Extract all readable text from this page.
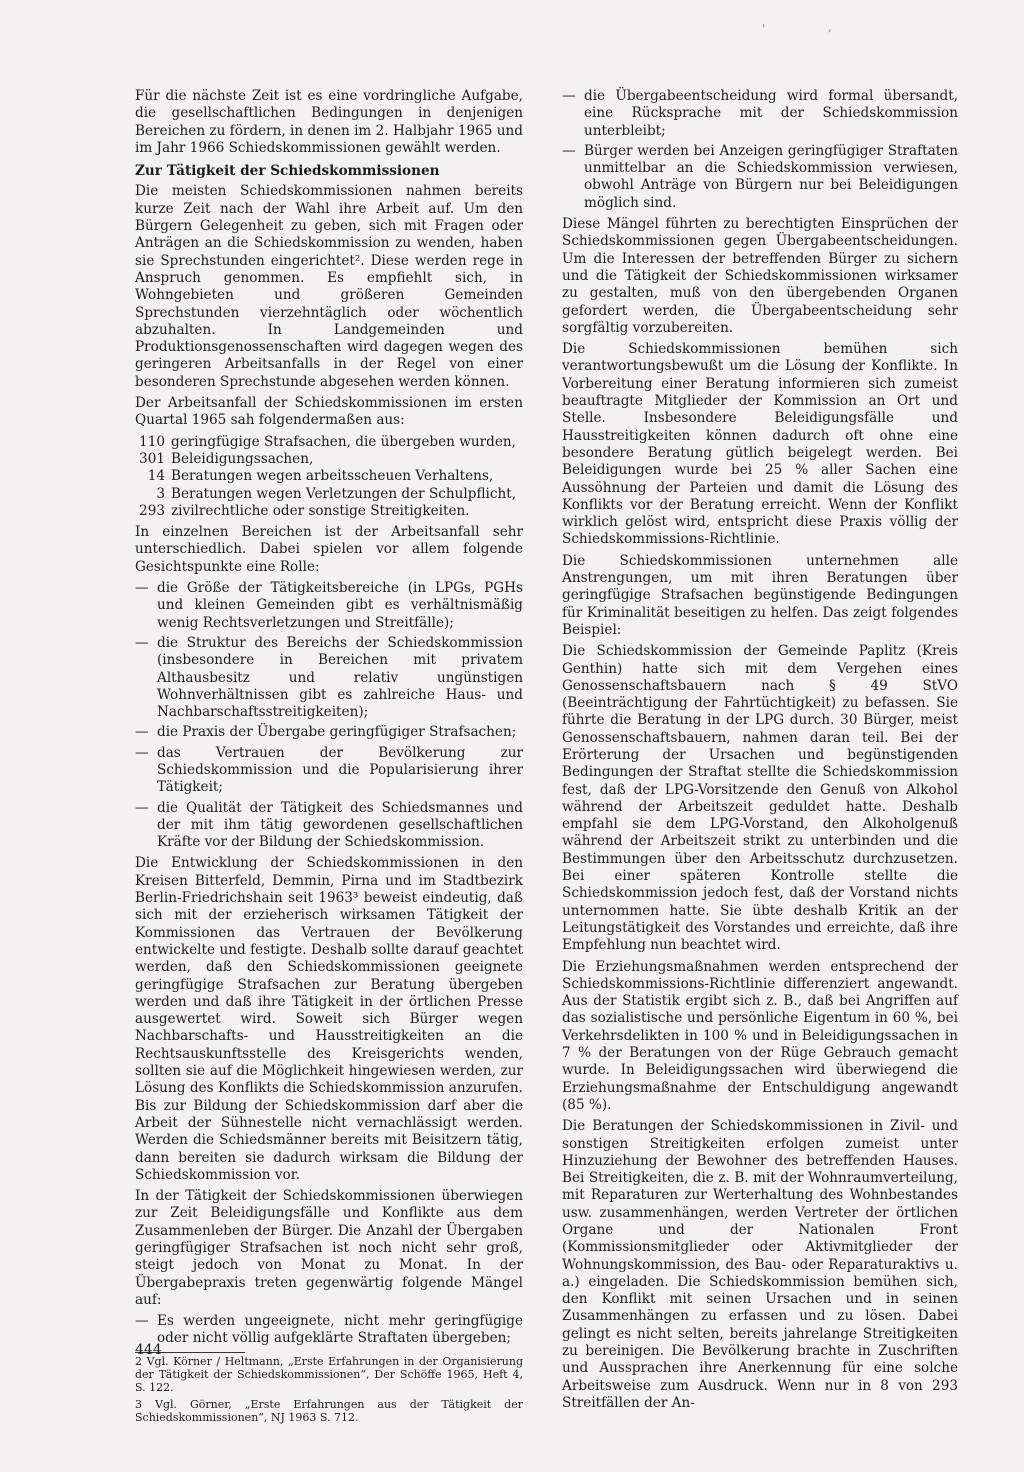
'	,

Für die nächste Zeit ist es eine vordringliche Aufgabe, die gesellschaftlichen Bedingungen in denjenigen Bereichen zu fördern, in denen im 2. Halbjahr 1965 und im Jahr 1966 Schiedskommissionen gewählt werden.

Zur Tätigkeit der Schiedskommissionen

Die meisten Schiedskommissionen nahmen bereits kurze Zeit nach der Wahl ihre Arbeit auf. Um den Bürgern Gelegenheit zu geben, sich mit Fragen oder Anträgen an die Schiedskommission zu wenden, haben sie Sprechstunden eingerichtet². Diese werden rege in Anspruch genommen. Es empfiehlt sich, in Wohngebieten und größeren Gemeinden Sprechstunden vierzehntäglich oder wöchentlich abzuhalten. In Landgemeinden und Produktionsgenossenschaften wird dagegen wegen des geringeren Arbeitsanfalls in der Regel von einer besonderen Sprechstunde abgesehen werden können.

Der Arbeitsanfall der Schiedskommissionen im ersten Quartal 1965 sah folgendermaßen aus:

110 geringfügige Strafsachen, die übergeben wurden,
301 Beleidigungssachen,
14 Beratungen wegen arbeitsscheuen Verhaltens,
3 Beratungen wegen Verletzungen der Schulpflicht,
293 zivilrechtliche oder sonstige Streitigkeiten.

In einzelnen Bereichen ist der Arbeitsanfall sehr unterschiedlich. Dabei spielen vor allem folgende Gesichtspunkte eine Rolle:

— die Größe der Tätigkeitsbereiche (in LPGs, PGHs und kleinen Gemeinden gibt es verhältnismäßig wenig Rechtsverletzungen und Streitfälle);
— die Struktur des Bereichs der Schiedskommission (insbesondere in Bereichen mit privatem Althausbesitz und relativ ungünstigen Wohnverhältnissen gibt es zahlreiche Haus- und Nachbarschaftsstreitigkeiten);
— die Praxis der Übergabe geringfügiger Strafsachen;
— das Vertrauen der Bevölkerung zur Schiedskommission und die Popularisierung ihrer Tätigkeit;
— die Qualität der Tätigkeit des Schiedsmannes und der mit ihm tätig gewordenen gesellschaftlichen Kräfte vor der Bildung der Schiedskommission.

Die Entwicklung der Schiedskommissionen in den Kreisen Bitterfeld, Demmin, Pirna und im Stadtbezirk Berlin-Friedrichshain seit 1963³ beweist eindeutig, daß sich mit der erzieherisch wirksamen Tätigkeit der Kommissionen das Vertrauen der Bevölkerung entwickelte und festigte. Deshalb sollte darauf geachtet werden, daß den Schiedskommissionen geeignete geringfügige Strafsachen zur Beratung übergeben werden und daß ihre Tätigkeit in der örtlichen Presse ausgewertet wird. Soweit sich Bürger wegen Nachbarschafts- und Hausstreitigkeiten an die Rechtsauskunftsstelle des Kreisgerichts wenden, sollten sie auf die Möglichkeit hingewiesen werden, zur Lösung des Konflikts die Schiedskommission anzurufen. Bis zur Bildung der Schiedskommission darf aber die Arbeit der Sühnestelle nicht vernachlässigt werden. Werden die Schiedsmänner bereits mit Beisitzern tätig, dann bereiten sie dadurch wirksam die Bildung der Schiedskommission vor.

In der Tätigkeit der Schiedskommissionen überwiegen zur Zeit Beleidigungsfälle und Konflikte aus dem Zusammenleben der Bürger. Die Anzahl der Übergaben geringfügiger Strafsachen ist noch nicht sehr groß, steigt jedoch von Monat zu Monat. In der Übergabepraxis treten gegenwärtig folgende Mängel auf:

— Es werden ungeeignete, nicht mehr geringfügige oder nicht völlig aufgeklärte Straftaten übergeben;

2 Vgl. Körner / Heltmann, „Erste Erfahrungen in der Organisierung der Tätigkeit der Schiedskommissionen“, Der Schöffe 1965, Heft 4, S. 122.

3 Vgl. Görner, „Erste Erfahrungen aus der Tätigkeit der Schiedskommissionen“, NJ 1963 S. 712.

— die Übergabeentscheidung wird formal übersandt, eine Rücksprache mit der Schiedskommission unterbleibt;
— Bürger werden bei Anzeigen geringfügiger Straftaten unmittelbar an die Schiedskommission verwiesen, obwohl Anträge von Bürgern nur bei Beleidigungen möglich sind.

Diese Mängel führten zu berechtigten Einsprüchen der Schiedskommissionen gegen Übergabeentscheidungen. Um die Interessen der betreffenden Bürger zu sichern und die Tätigkeit der Schiedskommissionen wirksamer zu gestalten, muß von den übergebenden Organen gefordert werden, die Übergabeentscheidung sehr sorgfältig vorzubereiten.

Die Schiedskommissionen bemühen sich verantwortungsbewußt um die Lösung der Konflikte. In Vorbereitung einer Beratung informieren sich zumeist beauftragte Mitglieder der Kommission an Ort und Stelle. Insbesondere Beleidigungsfälle und Hausstreitigkeiten können dadurch oft ohne eine besondere Beratung gütlich beigelegt werden. Bei Beleidigungen wurde bei 25 % aller Sachen eine Aussöhnung der Parteien und damit die Lösung des Konflikts vor der Beratung erreicht. Wenn der Konflikt wirklich gelöst wird, entspricht diese Praxis völlig der Schiedskommissions-Richtlinie.

Die Schiedskommissionen unternehmen alle Anstrengungen, um mit ihren Beratungen über geringfügige Strafsachen begünstigende Bedingungen für Kriminalität beseitigen zu helfen. Das zeigt folgendes Beispiel:

Die Schiedskommission der Gemeinde Paplitz (Kreis Genthin) hatte sich mit dem Vergehen eines Genossenschaftsbauern nach § 49 StVO (Beeinträchtigung der Fahrtüchtigkeit) zu befassen. Sie führte die Beratung in der LPG durch. 30 Bürger, meist Genossenschaftsbauern, nahmen daran teil. Bei der Erörterung der Ursachen und begünstigenden Bedingungen der Straftat stellte die Schiedskommission fest, daß der LPG-Vorsitzende den Genuß von Alkohol während der Arbeitszeit geduldet hatte. Deshalb empfahl sie dem LPG-Vorstand, den Alkoholgenuß während der Arbeitszeit strikt zu unterbinden und die Bestimmungen über den Arbeitsschutz durchzusetzen. Bei einer späteren Kontrolle stellte die Schiedskommission jedoch fest, daß der Vorstand nichts unternommen hatte. Sie übte deshalb Kritik an der Leitungstätigkeit des Vorstandes und erreichte, daß ihre Empfehlung nun beachtet wird.

Die Erziehungsmaßnahmen werden entsprechend der Schiedskommissions-Richtlinie differenziert angewandt. Aus der Statistik ergibt sich z. B., daß bei Angriffen auf das sozialistische und persönliche Eigentum in 60 %, bei Verkehrsdelikten in 100 % und in Beleidigungssachen in 7 % der Beratungen von der Rüge Gebrauch gemacht wurde. In Beleidigungssachen wird überwiegend die Erziehungsmaßnahme der Entschuldigung angewandt (85 %).

Die Beratungen der Schiedskommissionen in Zivil- und sonstigen Streitigkeiten erfolgen zumeist unter Hinzuziehung der Bewohner des betreffenden Hauses. Bei Streitigkeiten, die z. B. mit der Wohnraumverteilung, mit Reparaturen zur Werterhaltung des Wohnbestandes usw. zusammenhängen, werden Vertreter der örtlichen Organe und der Nationalen Front (Kommissionsmitglieder oder Aktivmitglieder der Wohnungskommission, des Bau- oder Reparaturaktivs u. a.) eingeladen. Die Schiedskommission bemühen sich, den Konflikt mit seinen Ursachen und in seinen Zusammenhängen zu erfassen und zu lösen. Dabei gelingt es nicht selten, bereits jahrelange Streitigkeiten zu bereinigen. Die Bevölkerung brachte in Zuschriften und Aussprachen ihre Anerkennung für eine solche Arbeitsweise zum Ausdruck. Wenn nur in 8 von 293 Streitfällen der An-

444
